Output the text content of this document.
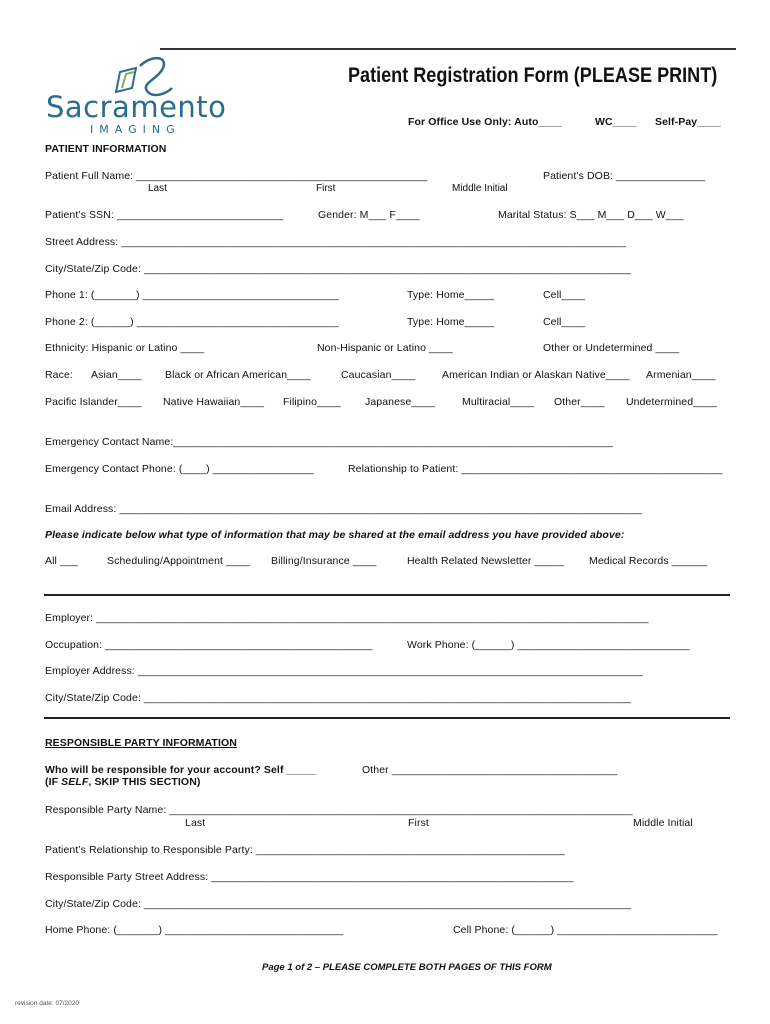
Sacramento
IMAGING
Patient Registration Form (PLEASE PRINT)
For Office Use Only: Auto____	WC____ Self-Pay____
PATIENT INFORMATION
Patient Full Name: _________________________________________________	Patient’s DOB: _______________
Last	First	Middle Initial
Patient’s SSN: ____________________________	Gender: M___ F____	Marital Status: S___ M___ D___ W___
Street Address: _____________________________________________________________________________________
City/State/Zip Code: __________________________________________________________________________________
Phone 1: (_______) _________________________________	Type: Home_____	Cell____
Phone 2: (______) __________________________________	Type: Home_____	Cell____
Ethnicity: Hispanic or Latino ____	Non-Hispanic or Latino ____	Other or Undetermined ____
Race: Asian____ Black or African American____	Caucasian____	American Indian or Alaskan Native____ Armenian____
Pacific Islander____ Native Hawaiian____ Filipino____ Japanese____	Multiracial____ Other____ Undetermined____
Emergency Contact Name:__________________________________________________________________________
Emergency Contact Phone: (____) _________________	Relationship to Patient: ____________________________________________
Email Address: ________________________________________________________________________________________
Please indicate below what type of information that may be shared at the email address you have provided above:
All ___	Scheduling/Appointment ____ Billing/Insurance ____	Health Related Newsletter _____ Medical Records ______
Employer: _____________________________________________________________________________________________
Occupation: _____________________________________________	Work Phone: (______) _____________________________
Employer Address: _____________________________________________________________________________________
City/State/Zip Code: __________________________________________________________________________________
RESPONSIBLE PARTY INFORMATION
Who will be responsible for your account? Self _____	Other ______________________________________
(IF SELF, SKIP THIS SECTION)
Responsible Party Name: ______________________________________________________________________________
Last	First	Middle Initial
Patient’s Relationship to Responsible Party: ____________________________________________________
Responsible Party Street Address: _____________________________________________________________
City/State/Zip Code: __________________________________________________________________________________
Home Phone: (_______) ______________________________	Cell Phone: (______) ___________________________
Page 1 of 2 – PLEASE COMPLETE BOTH PAGES OF THIS FORM
revision date: 07/2020
